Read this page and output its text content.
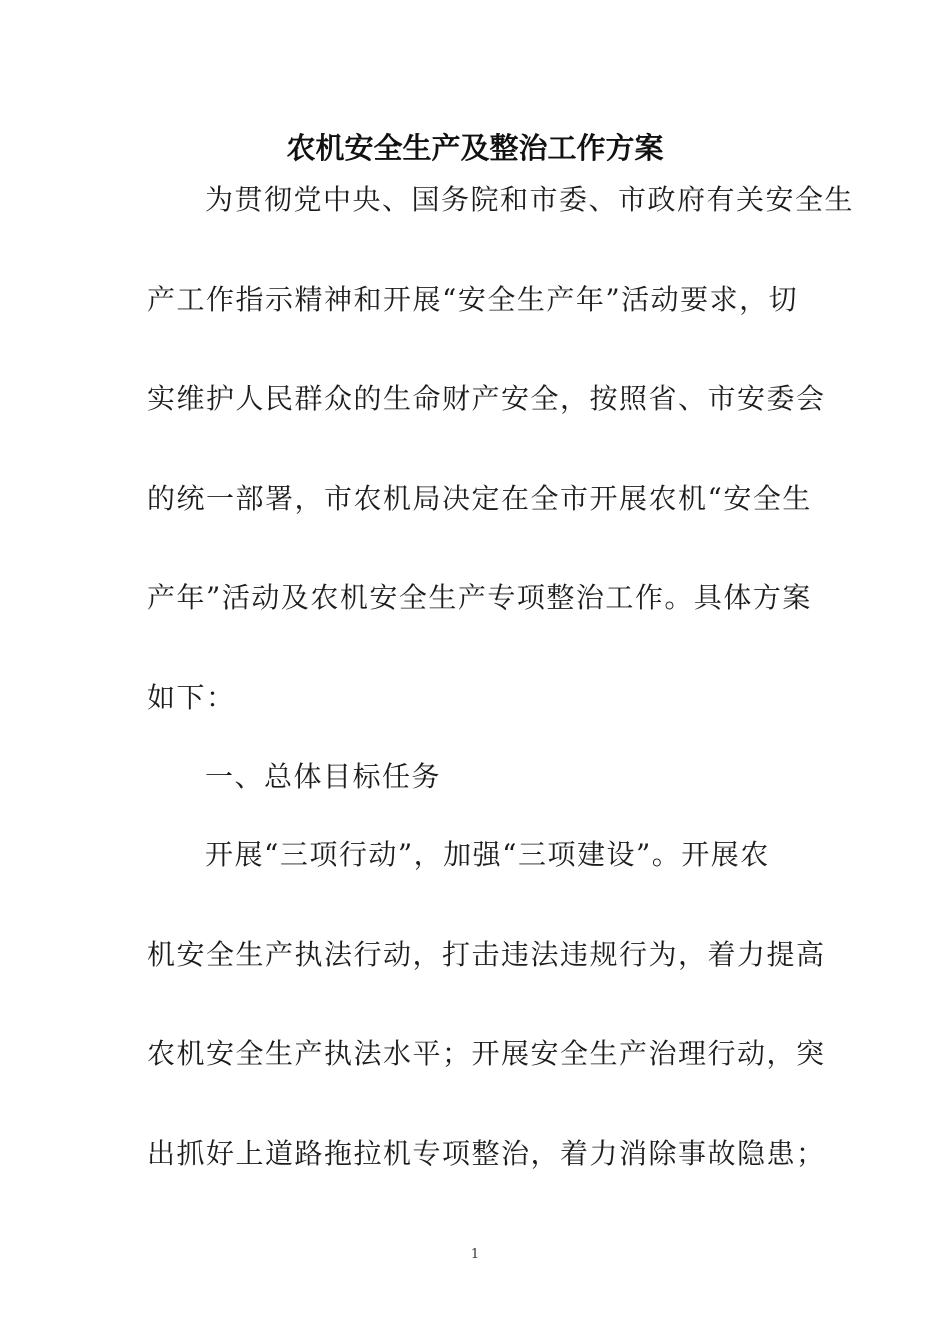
农机安全生产及整治工作方案
为贯彻党中央、国务院和市委、市政府有关安全生
产工作指示精神和开展“安全生产年”活动要求，切
实维护人民群众的生命财产安全，按照省、市安委会
的统一部署，市农机局决定在全市开展农机“安全生
产年”活动及农机安全生产专项整治工作。具体方案
如下：
一、总体目标任务
开展“三项行动”，加强“三项建设”。开展农
机安全生产执法行动，打击违法违规行为，着力提高
农机安全生产执法水平；开展安全生产治理行动，突
出抓好上道路拖拉机专项整治，着力消除事故隐患；
1
